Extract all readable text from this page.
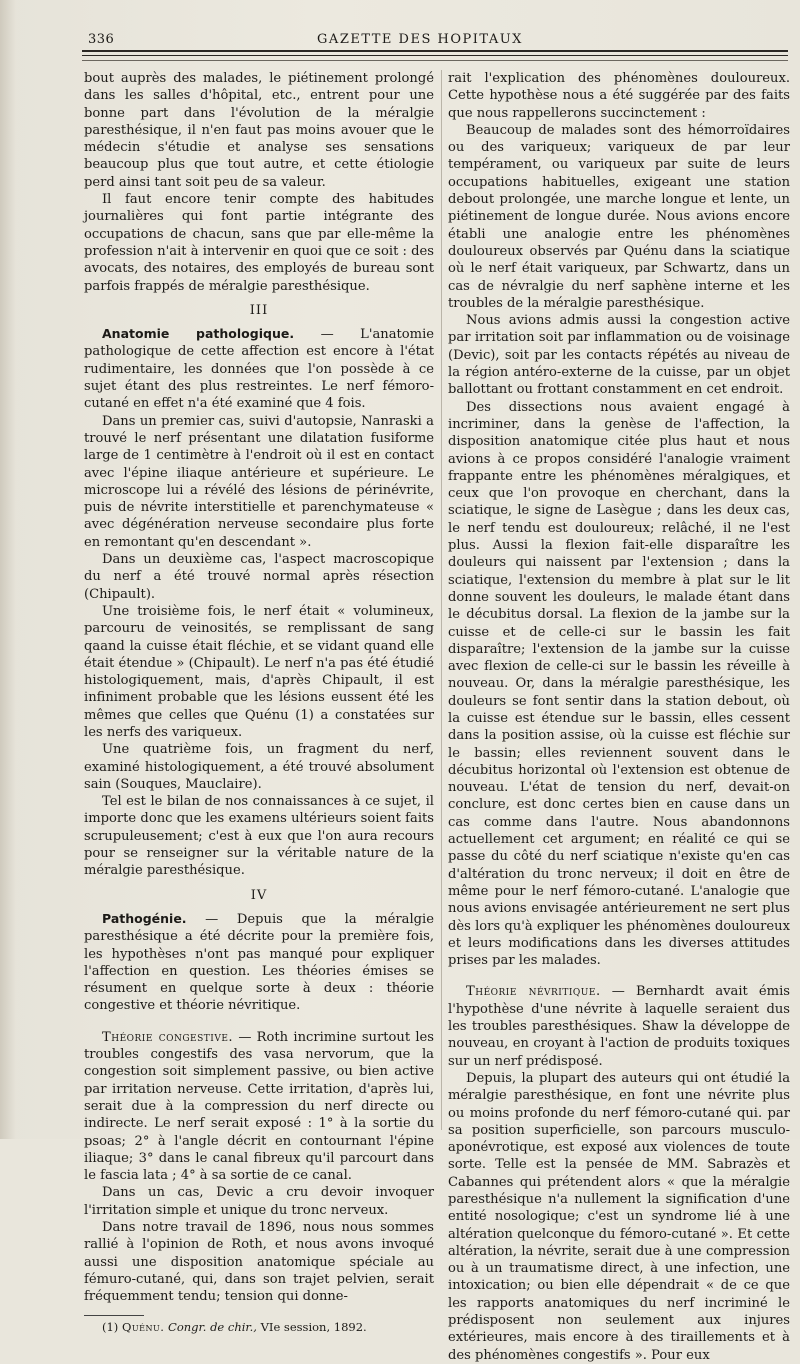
336	GAZETTE DES HOPITAUX

bout auprès des malades, le piétinement prolongé dans les salles d'hôpital, etc., entrent pour une bonne part dans l'évolution de la méralgie paresthésique, il n'en faut pas moins avouer que le médecin s'étudie et analyse ses sensations beaucoup plus que tout autre, et cette étiologie perd ainsi tant soit peu de sa valeur.

Il faut encore tenir compte des habitudes journalières qui font partie intégrante des occupations de chacun, sans que par elle-même la profession n'ait à intervenir en quoi que ce soit : des avocats, des notaires, des employés de bureau sont parfois frappés de méralgie paresthésique.

III

Anatomie pathologique. — L'anatomie pathologique de cette affection est encore à l'état rudimentaire, les données que l'on possède à ce sujet étant des plus restreintes. Le nerf fémoro-cutané en effet n'a été examiné que 4 fois.

Dans un premier cas, suivi d'autopsie, Nanraski a trouvé le nerf présentant une dilatation fusiforme large de 1 centimètre à l'endroit où il est en contact avec l'épine iliaque antérieure et supérieure. Le microscope lui a révélé des lésions de périnévrite, puis de névrite interstitielle et parenchymateuse « avec dégénération nerveuse secondaire plus forte en remontant qu'en descendant ».

Dans un deuxième cas, l'aspect macroscopique du nerf a été trouvé normal après résection (Chipault).

Une troisième fois, le nerf était « volumineux, parcouru de veinosités, se remplissant de sang qaand la cuisse était fléchie, et se vidant quand elle était étendue » (Chipault). Le nerf n'a pas été étudié histologiquement, mais, d'après Chipault, il est infiniment probable que les lésions eussent été les mêmes que celles que Quénu (1) a constatées sur les nerfs des variqueux.

Une quatrième fois, un fragment du nerf, examiné histologiquement, a été trouvé absolument sain (Souques, Mauclaire).

Tel est le bilan de nos connaissances à ce sujet, il importe donc que les examens ultérieurs soient faits scrupuleusement; c'est à eux que l'on aura recours pour se renseigner sur la véritable nature de la méralgie paresthésique.

IV

Pathogénie. — Depuis que la méralgie paresthésique a été décrite pour la première fois, les hypothèses n'ont pas manqué pour expliquer l'affection en question. Les théories émises se résument en quelque sorte à deux : théorie congestive et théorie névritique.

Théorie congestive. — Roth incrimine surtout les troubles congestifs des vasa nervorum, que la congestion soit simplement passive, ou bien active par irritation nerveuse. Cette irritation, d'après lui, serait due à la compression du nerf directe ou indirecte. Le nerf serait exposé : 1° à la sortie du psoas; 2° à l'angle décrit en contournant l'épine iliaque; 3° dans le canal fibreux qu'il parcourt dans le fascia lata ; 4° à sa sortie de ce canal.

Dans un cas, Devic a cru devoir invoquer l'irritation simple et unique du tronc nerveux.

Dans notre travail de 1896, nous nous sommes rallié à l'opinion de Roth, et nous avons invoqué aussi une disposition anatomique spéciale au fémuro-cutané, qui, dans son trajet pelvien, serait fréquemment tendu; tension qui donne-

(1) Quénu. Congr. de chir., VIe session, 1892.

rait l'explication des phénomènes douloureux. Cette hypothèse nous a été suggérée par des faits que nous rappellerons succinctement :

Beaucoup de malades sont des hémorroïdaires ou des variqueux; variqueux de par leur tempérament, ou variqueux par suite de leurs occupations habituelles, exigeant une station debout prolongée, une marche longue et lente, un piétinement de longue durée. Nous avions encore établi une analogie entre les phénomènes douloureux observés par Quénu dans la sciatique où le nerf était variqueux, par Schwartz, dans un cas de névralgie du nerf saphène interne et les troubles de la méralgie paresthésique.

Nous avions admis aussi la congestion active par irritation soit par inflammation ou de voisinage (Devic), soit par les contacts répétés au niveau de la région antéro-externe de la cuisse, par un objet ballottant ou frottant constamment en cet endroit.

Des dissections nous avaient engagé à incriminer, dans la genèse de l'affection, la disposition anatomique citée plus haut et nous avions à ce propos considéré l'analogie vraiment frappante entre les phénomènes méralgiques, et ceux que l'on provoque en cherchant, dans la sciatique, le signe de Lasègue ; dans les deux cas, le nerf tendu est douloureux; relâché, il ne l'est plus. Aussi la flexion fait-elle disparaître les douleurs qui naissent par l'extension ; dans la sciatique, l'extension du membre à plat sur le lit donne souvent les douleurs, le malade étant dans le décubitus dorsal. La flexion de la jambe sur la cuisse et de celle-ci sur le bassin les fait disparaître; l'extension de la jambe sur la cuisse avec flexion de celle-ci sur le bassin les réveille à nouveau. Or, dans la méralgie paresthésique, les douleurs se font sentir dans la station debout, où la cuisse est étendue sur le bassin, elles cessent dans la position assise, où la cuisse est fléchie sur le bassin; elles reviennent souvent dans le décubitus horizontal où l'extension est obtenue de nouveau. L'état de tension du nerf, devait-on conclure, est donc certes bien en cause dans un cas comme dans l'autre. Nous abandonnons actuellement cet argument; en réalité ce qui se passe du côté du nerf sciatique n'existe qu'en cas d'altération du tronc nerveux; il doit en être de même pour le nerf fémoro-cutané. L'analogie que nous avions envisagée antérieurement ne sert plus dès lors qu'à expliquer les phénomènes douloureux et leurs modifications dans les diverses attitudes prises par les malades.

Théorie névritique. — Bernhardt avait émis l'hypothèse d'une névrite à laquelle seraient dus les troubles paresthésiques. Shaw la développe de nouveau, en croyant à l'action de produits toxiques sur un nerf prédisposé.

Depuis, la plupart des auteurs qui ont étudié la méralgie paresthésique, en font une névrite plus ou moins profonde du nerf fémoro-cutané qui. par sa position superficielle, son parcours musculo-aponévrotique, est exposé aux violences de toute sorte. Telle est la pensée de MM. Sabrazès et Cabannes qui prétendent alors « que la méralgie paresthésique n'a nullement la signification d'une entité nosologique; c'est un syndrome lié à une altération quelconque du fémoro-cutané ». Et cette altération, la névrite, serait due à une compression ou à un traumatisme direct, à une infection, une intoxication; ou bien elle dépendrait « de ce que les rapports anatomiques du nerf incriminé le prédisposent non seulement aux injures extérieures, mais encore à des tiraillements et à des phénomènes congestifs ». Pour eux
